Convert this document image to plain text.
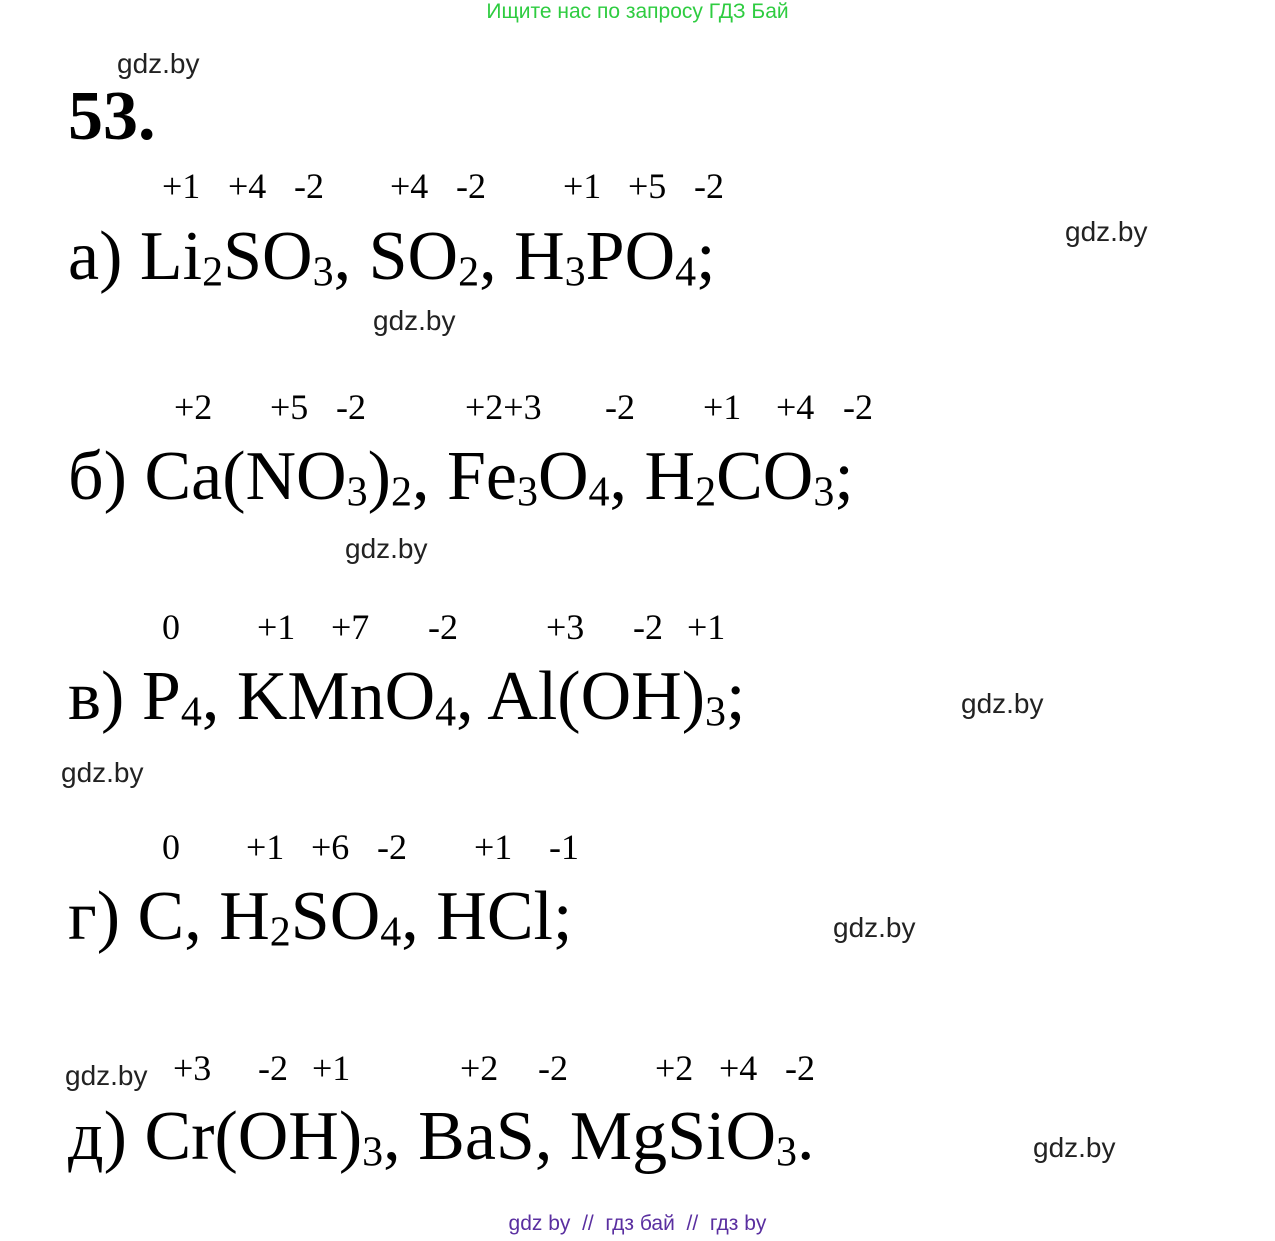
Ищите нас по запросу ГДЗ Бай
53.
gdz.by
gdz.by
gdz.by
gdz.by
gdz.by
gdz.by
gdz.by
gdz.by
gdz.by
+1 +4 -2 +4 -2 +1 +5 -2
а) $Li_2SO_3$, $SO_2$, $H_3PO_4$;
+2 +5 -2	+2+3 -2 +1 +4 -2
б) $Ca(NO_3)_2$, $Fe_3O_4$, $H_2CO_3$;
0 +1 +7 -2 +3 -2 +1
в) $P_4$, KMnO$_4$, $Al(OH)_3$;
0 +1 +6 -2 +1 -1
г) C, $H_2SO_4$, HCl;
+3 -2 +1	+2 -2 +2 +4 -2
д) $Cr(OH)_3$, BaS, MgSiO$_3$.
gdz by  //  гдз бай  //  гдз by
